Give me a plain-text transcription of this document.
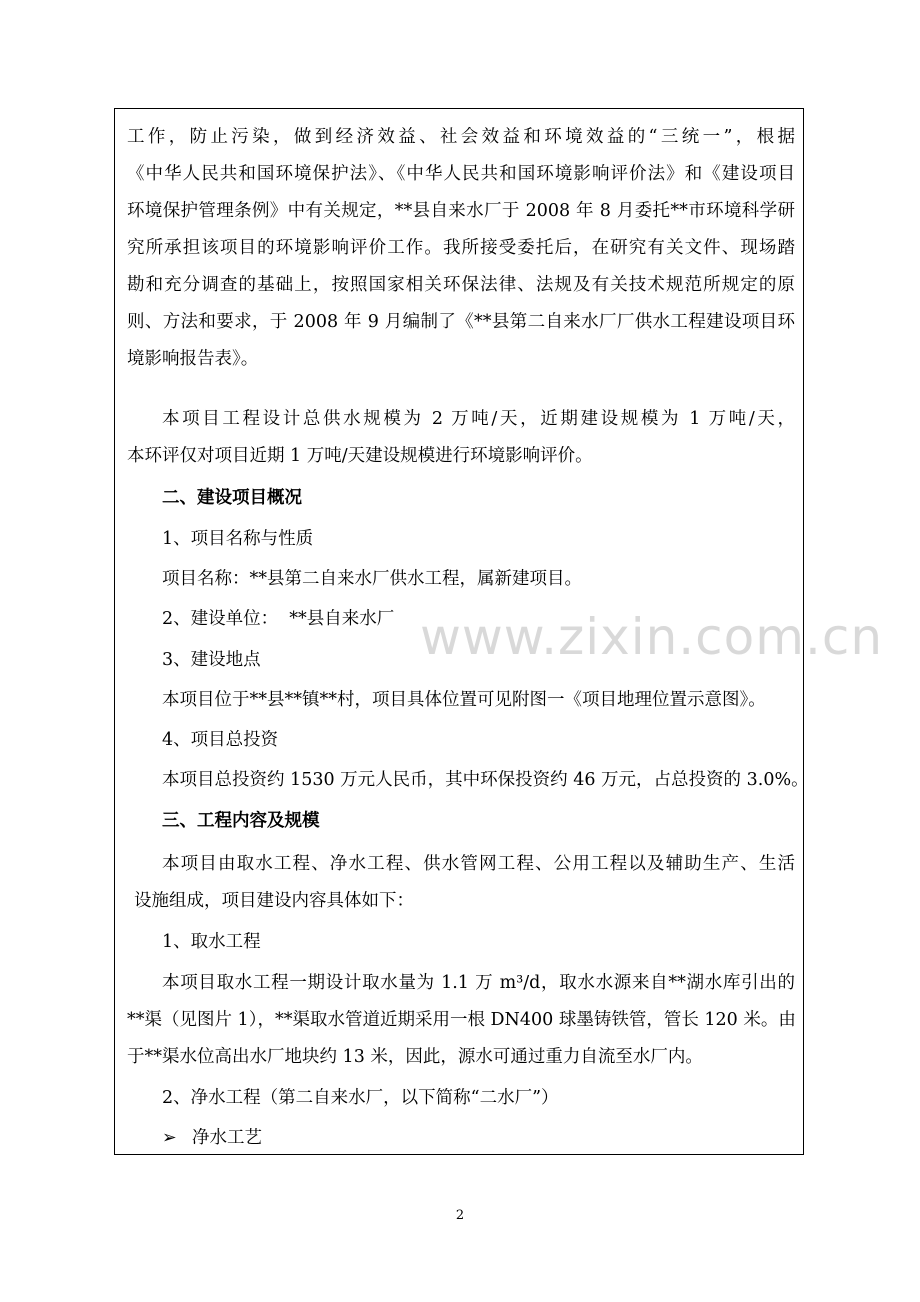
工作，防止污染，做到经济效益、社会效益和环境效益的“三统一”，根据
《中华人民共和国环境保护法》、《中华人民共和国环境影响评价法》和《建设项目
环境保护管理条例》中有关规定，**县自来水厂于 2008 年 8 月委托**市环境科学研
究所承担该项目的环境影响评价工作。我所接受委托后，在研究有关文件、现场踏
勘和充分调查的基础上，按照国家相关环保法律、法规及有关技术规范所规定的原
则、方法和要求，于 2008 年 9 月编制了《**县第二自来水厂厂供水工程建设项目环
境影响报告表》。
本项目工程设计总供水规模为 2 万吨/天，近期建设规模为 1 万吨/天，
本环评仅对项目近期 1 万吨/天建设规模进行环境影响评价。
二、建设项目概况
1、项目名称与性质
项目名称：**县第二自来水厂供水工程，属新建项目。
2、建设单位：  **县自来水厂
3、建设地点
本项目位于**县**镇**村，项目具体位置可见附图一《项目地理位置示意图》。
4、项目总投资
本项目总投资约 1530 万元人民币，其中环保投资约 46 万元，占总投资的 3.0%。
三、工程内容及规模
本项目由取水工程、净水工程、供水管网工程、公用工程以及辅助生产、生活
设施组成，项目建设内容具体如下：
1、取水工程
本项目取水工程一期设计取水量为 1.1 万 m³/d，取水水源来自**湖水库引出的
**渠（见图片 1），**渠取水管道近期采用一根 DN400 球墨铸铁管，管长 120 米。由
于**渠水位高出水厂地块约 13 米，因此，源水可通过重力自流至水厂内。
2、净水工程（第二自来水厂，以下简称“二水厂”）
➢ 净水工艺
www.zixin.com.cn
2
